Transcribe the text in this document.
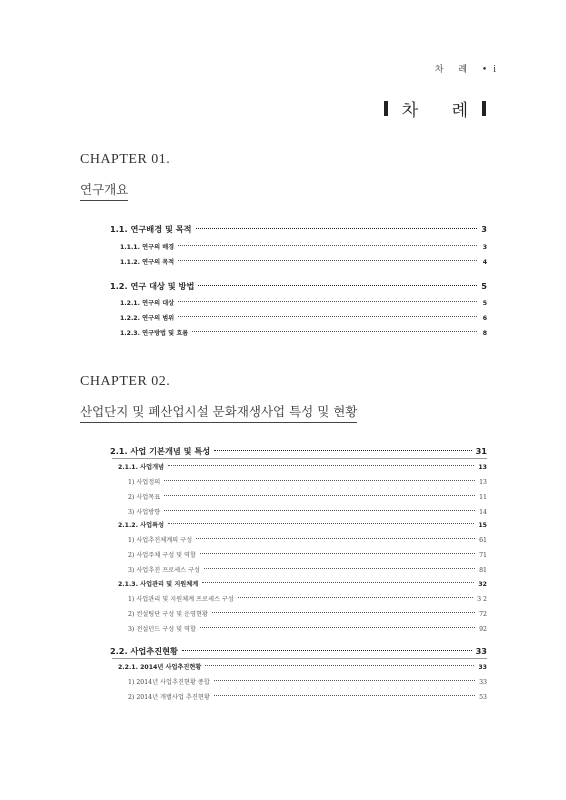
차 례 •i
차 례
CHAPTER 01.
연구개요
1.1. 연구배경 및 목적	3
1.1.1. 연구의 배경	3
1.1.2. 연구의 목적	4
1.2. 연구 대상 및 방법	5
1.2.1. 연구의 대상	5
1.2.2. 연구의 범위	6
1.2.3. 연구방법 및 흐름	8
CHAPTER 02.
산업단지 및 폐산업시설 문화재생사업 특성 및 현황
2.1. 사업 기본개념 및 특성	31
2.1.1. 사업개념	13
1) 사업정의	13
2) 사업목표	11
3) 사업방향	14
2.1.2. 사업특성	15
1) 사업추진체계의 구성	61
2) 사업주체 구성 및 역할	71
3) 사업추진 프로세스 구성	81
2.1.3. 사업관리 및 지원체계	32
1) 사업관리 및 지원체계 프로세스 구성	3 2
2) 컨설팅단 구성 및 운영현황	72
3) 전설던드 구성 및 역할	92
2.2. 사업추진현황	33
2.2.1. 2014년 사업추진현황	33
1) 2014년 사업추진현황 종합	33
2) 2014년 개별사업 추진현황	53
